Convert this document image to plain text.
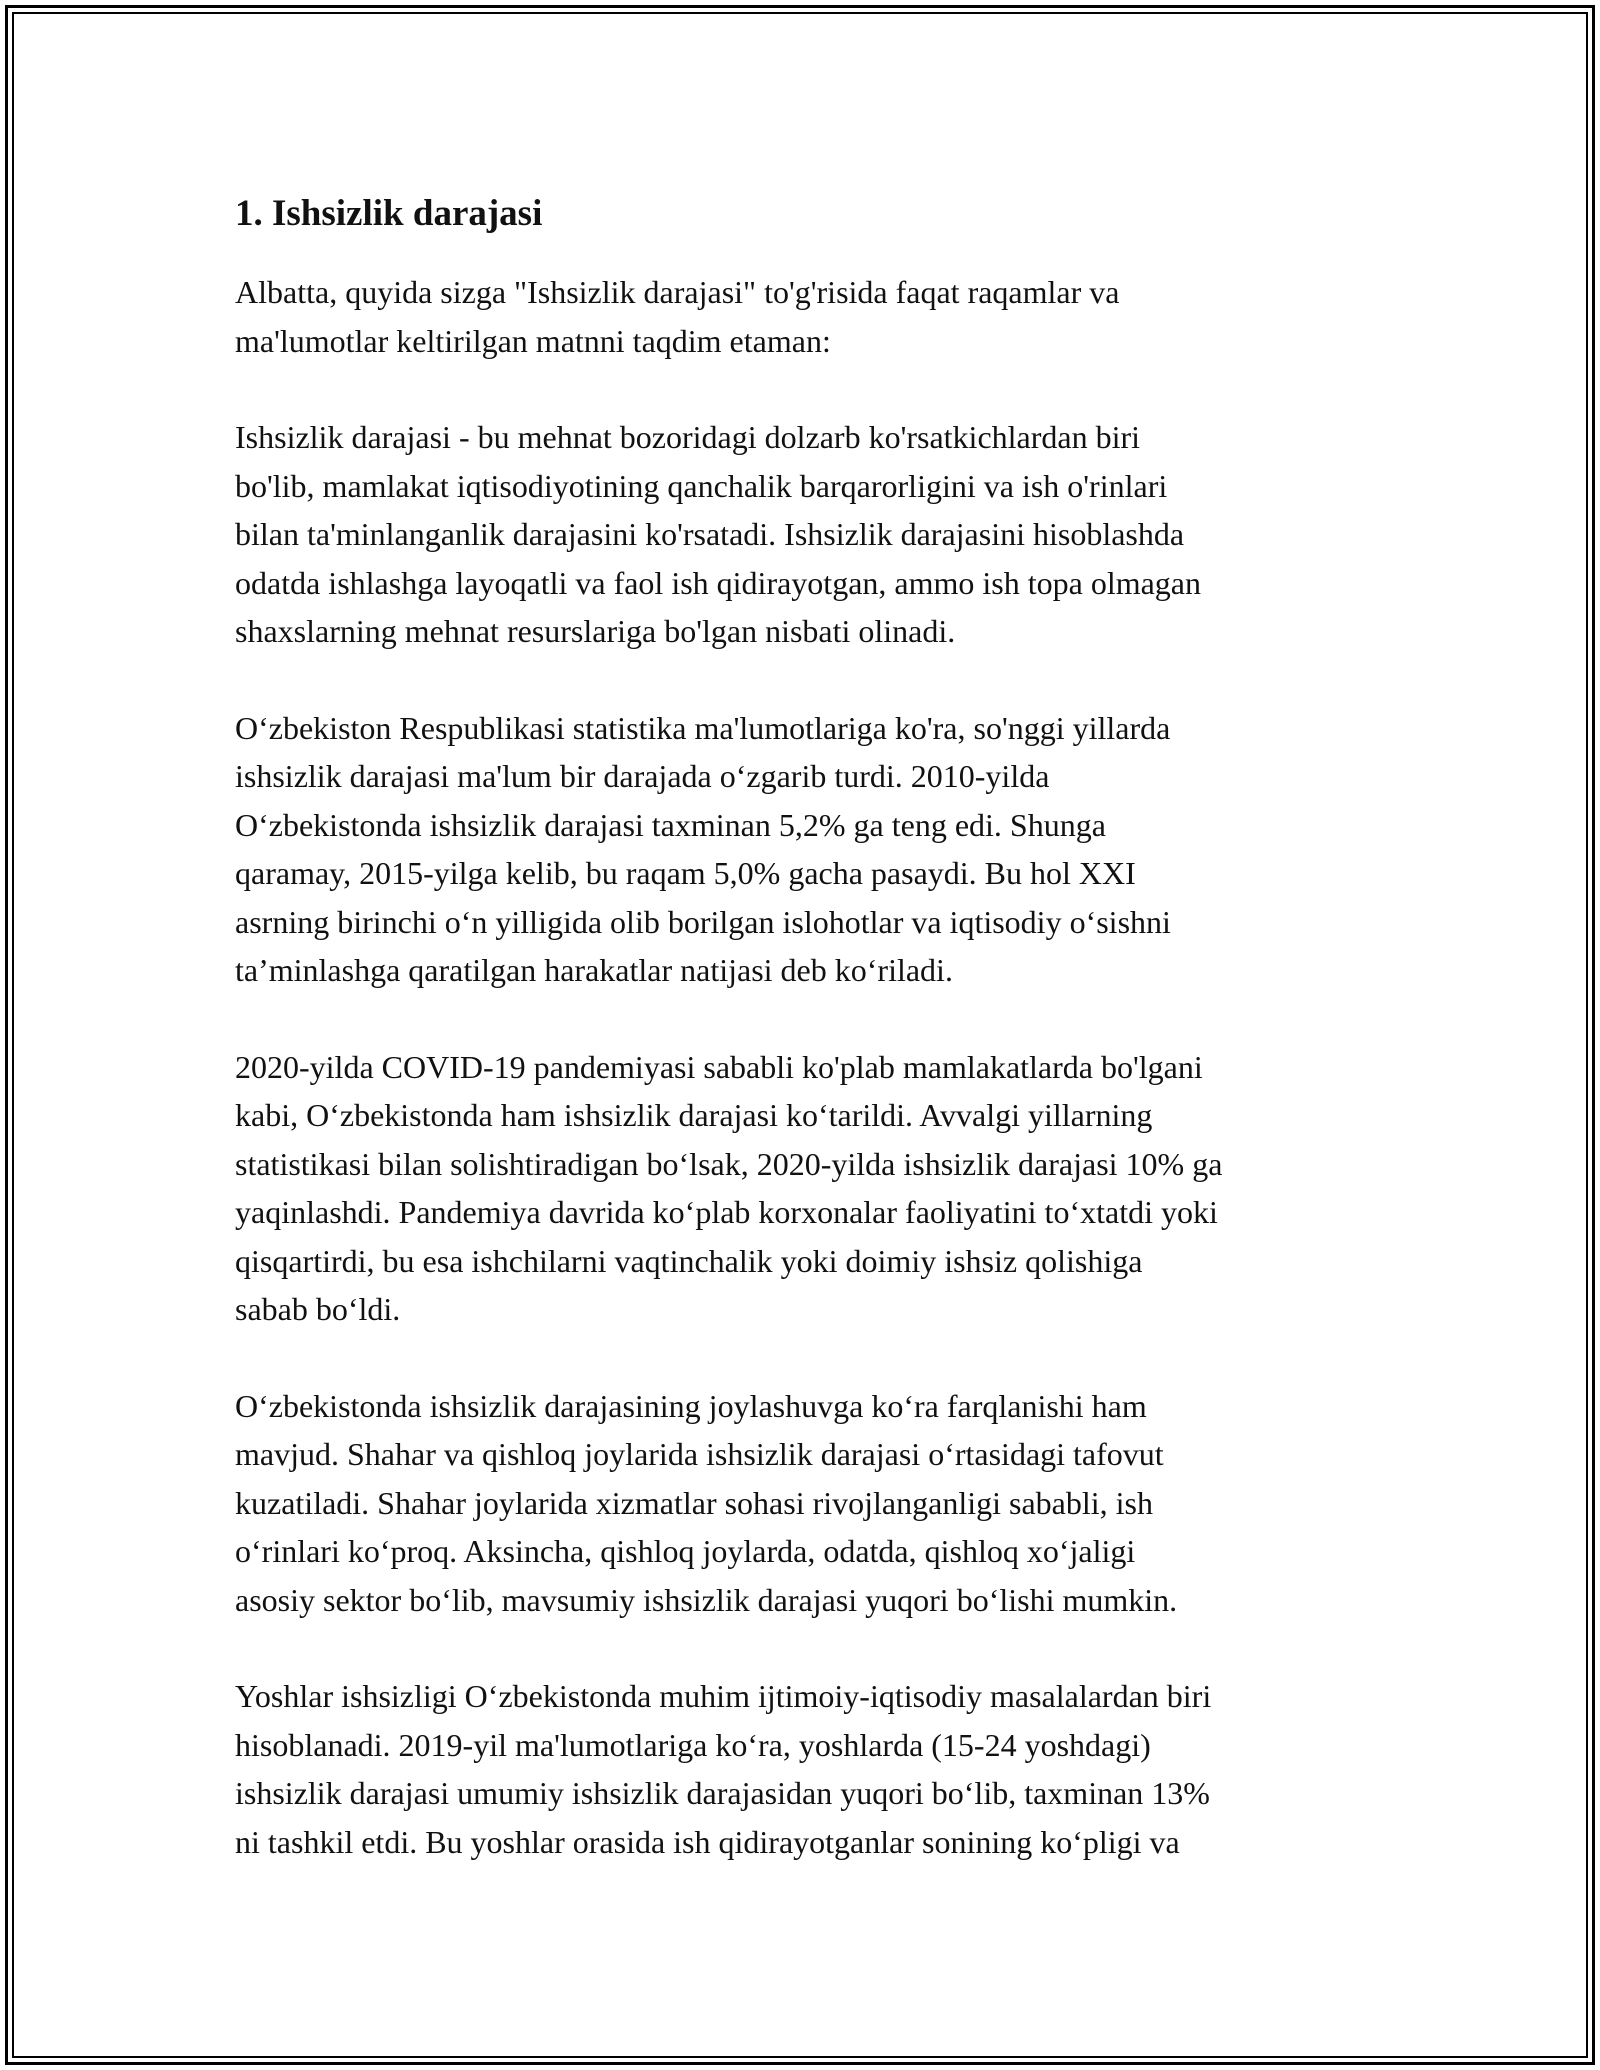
1. Ishsizlik darajasi

Albatta, quyida sizga "Ishsizlik darajasi" to'g'risida faqat raqamlar va
ma'lumotlar keltirilgan matnni taqdim etaman:

Ishsizlik darajasi - bu mehnat bozoridagi dolzarb ko'rsatkichlardan biri
bo'lib, mamlakat iqtisodiyotining qanchalik barqarorligini va ish o'rinlari
bilan ta'minlanganlik darajasini ko'rsatadi. Ishsizlik darajasini hisoblashda
odatda ishlashga layoqatli va faol ish qidirayotgan, ammo ish topa olmagan
shaxslarning mehnat resurslariga bo'lgan nisbati olinadi.

O‘zbekiston Respublikasi statistika ma'lumotlariga ko'ra, so'nggi yillarda
ishsizlik darajasi ma'lum bir darajada o‘zgarib turdi. 2010-yilda
O‘zbekistonda ishsizlik darajasi taxminan 5,2% ga teng edi. Shunga
qaramay, 2015-yilga kelib, bu raqam 5,0% gacha pasaydi. Bu hol XXI
asrning birinchi o‘n yilligida olib borilgan islohotlar va iqtisodiy o‘sishni
ta’minlashga qaratilgan harakatlar natijasi deb ko‘riladi.

2020-yilda COVID-19 pandemiyasi sababli ko'plab mamlakatlarda bo'lgani
kabi, O‘zbekistonda ham ishsizlik darajasi ko‘tarildi. Avvalgi yillarning
statistikasi bilan solishtiradigan bo‘lsak, 2020-yilda ishsizlik darajasi 10% ga
yaqinlashdi. Pandemiya davrida ko‘plab korxonalar faoliyatini to‘xtatdi yoki
qisqartirdi, bu esa ishchilarni vaqtinchalik yoki doimiy ishsiz qolishiga
sabab bo‘ldi.

O‘zbekistonda ishsizlik darajasining joylashuvga ko‘ra farqlanishi ham
mavjud. Shahar va qishloq joylarida ishsizlik darajasi o‘rtasidagi tafovut
kuzatiladi. Shahar joylarida xizmatlar sohasi rivojlanganligi sababli, ish
o‘rinlari ko‘proq. Aksincha, qishloq joylarda, odatda, qishloq xo‘jaligi
asosiy sektor bo‘lib, mavsumiy ishsizlik darajasi yuqori bo‘lishi mumkin.

Yoshlar ishsizligi O‘zbekistonda muhim ijtimoiy-iqtisodiy masalalardan biri
hisoblanadi. 2019-yil ma'lumotlariga ko‘ra, yoshlarda (15-24 yoshdagi)
ishsizlik darajasi umumiy ishsizlik darajasidan yuqori bo‘lib, taxminan 13%
ni tashkil etdi. Bu yoshlar orasida ish qidirayotganlar sonining ko‘pligi va
